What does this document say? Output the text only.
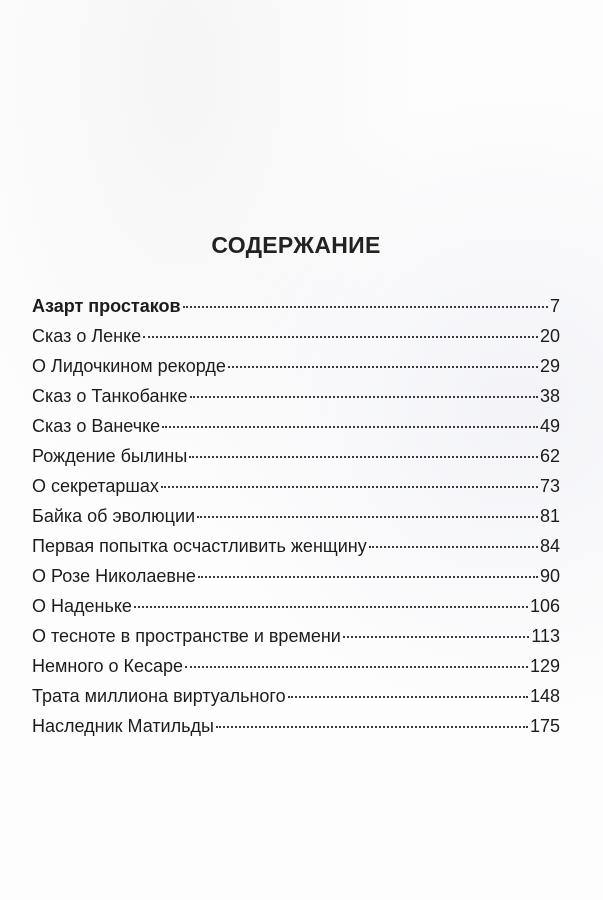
СОДЕРЖАНИЕ
Азарт простаков	7
Сказ о Ленке	20
О Лидочкином рекорде	29
Сказ о Танкобанке	38
Сказ о Ванечке	49
Рождение былины	62
О секретаршах	73
Байка об эволюции	81
Первая попытка осчастливить женщину	84
О Розе Николаевне	90
О Наденьке	106
О тесноте в пространстве и времени	113
Немного о Кесаре	129
Трата миллиона виртуального	148
Наследник Матильды	175
